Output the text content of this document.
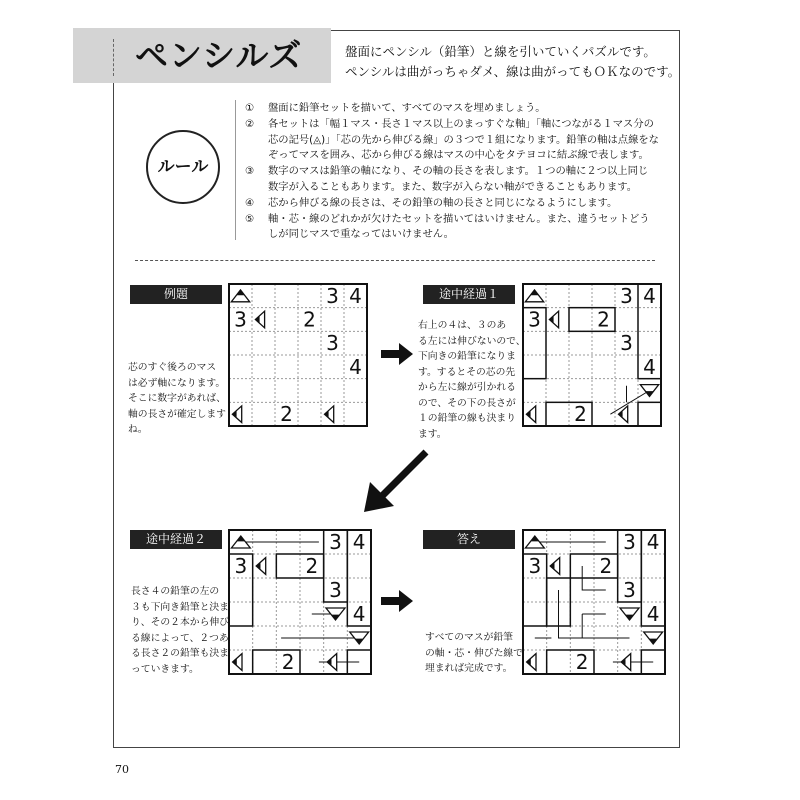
ペンシルズ	盤面にペンシル（鉛筆）と線を引いていくパズルです。
ペンシルは曲がっちゃダメ、線は曲がってもＯＫなのです。
ルール
①	盤面に鉛筆セットを描いて、すべてのマスを埋めましょう。
②	各セットは「幅１マス・長さ１マス以上のまっすぐな軸」「軸につながる１マス分の
芯の記号(◬)」「芯の先から伸びる線」の３つで１組になります。鉛筆の軸は点線をな
ぞってマスを囲み、芯から伸びる線はマスの中心をタテヨコに結ぶ線で表します。
③	数字のマスは鉛筆の軸になり、その軸の長さを表します。１つの軸に２つ以上同じ
数字が入ることもあります。また、数字が入らない軸ができることもあります。
④	芯から伸びる線の長さは、その鉛筆の軸の長さと同じになるようにします。
⑤	軸・芯・線のどれかが欠けたセットを描いてはいけません。また、違うセットどう
しが同じマスで重なってはいけません。
例題
芯のすぐ後ろのマス
は必ず軸になります。
そこに数字があれば、
軸の長さが確定します
ね。
3 4
3	2
3
4
2
途中経過１
右上の４は、３のあ
る左には伸びないので、
下向きの鉛筆になりま
す。するとその芯の先
から左に線が引かれる
ので、その下の長さが
１の鉛筆の線も決まり
ます。
3 4
3	2
3
4
2
途中経過２
長さ４の鉛筆の左の
３も下向き鉛筆と決ま
り、その２本から伸び
る線によって、２つあ
る長さ２の鉛筆も決ま
っていきます。
3 4
3	2
3
4
2
答え
すべてのマスが鉛筆
の軸・芯・伸びた線で
埋まれば完成です。
3 4
3	2
3
4
2
70
